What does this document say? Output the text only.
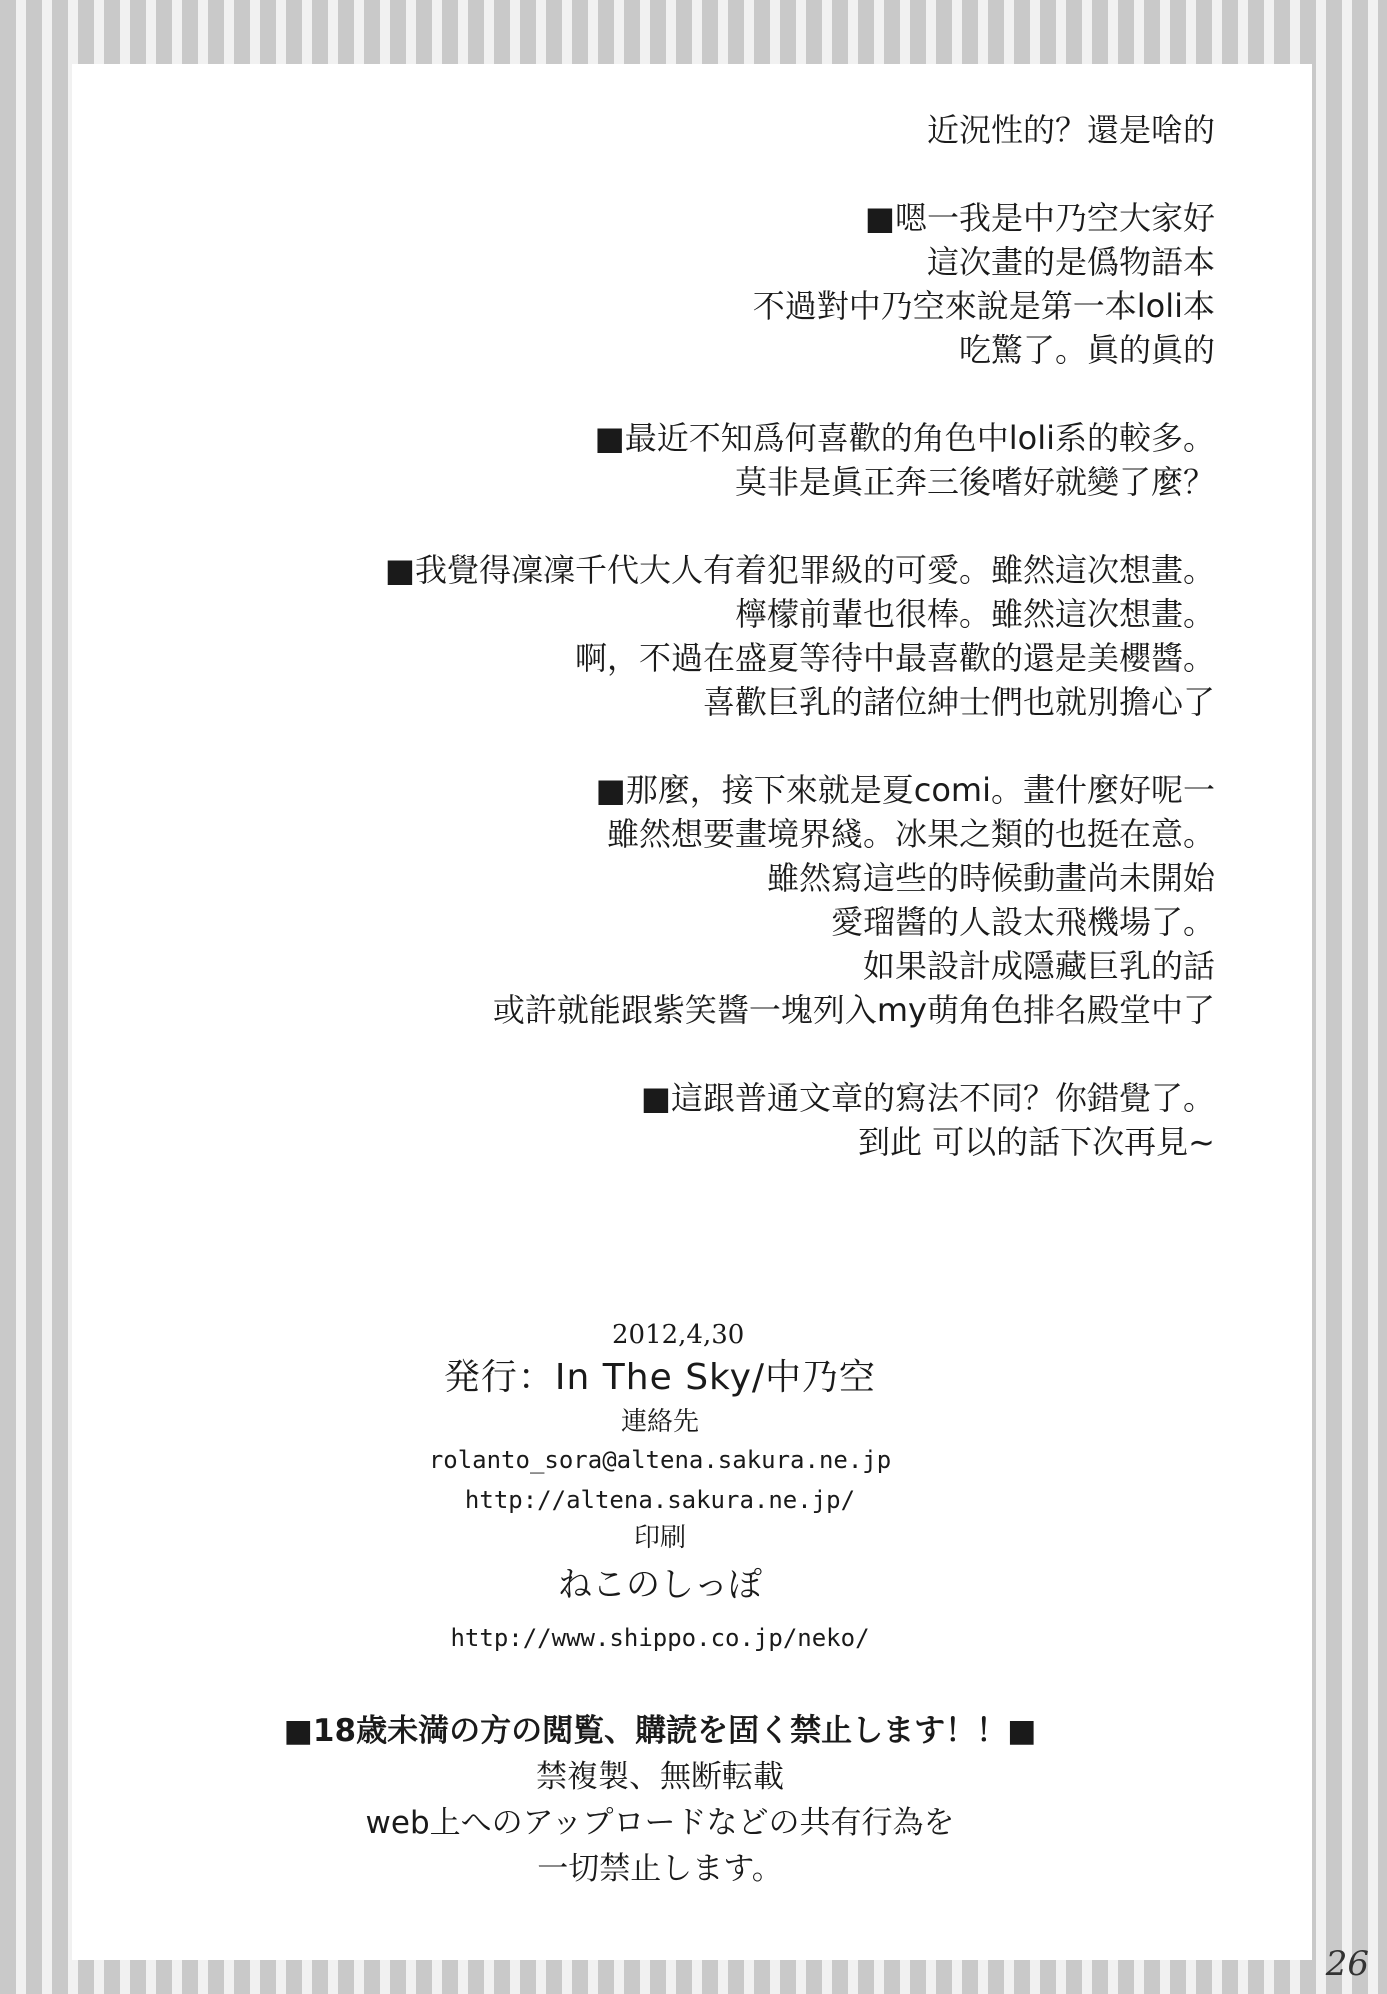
近況性的？還是啥的
■嗯一我是中乃空大家好
這次畫的是僞物語本
不過對中乃空來說是第一本loli本
吃驚了。眞的眞的
■最近不知爲何喜歡的角色中loli系的較多。
莫非是眞正奔三後嗜好就變了麼？
■我覺得凜凜千代大人有着犯罪級的可愛。雖然這次想畫。
檸檬前輩也很棒。雖然這次想畫。
啊，不過在盛夏等待中最喜歡的還是美櫻醬。
喜歡巨乳的諸位紳士們也就別擔心了
■那麼，接下來就是夏comi。畫什麼好呢一
雖然想要畫境界綫。冰果之類的也挺在意。
雖然寫這些的時候動畫尚未開始
愛瑠醬的人設太飛機場了。
如果設計成隱藏巨乳的話
或許就能跟紫笑醬一塊列入my萌角色排名殿堂中了
■這跟普通文章的寫法不同？你錯覺了。
到此 可以的話下次再見~
2012,4,30
発行：In The Sky/中乃空
連絡先
rolanto_sora@altena.sakura.ne.jp
http://altena.sakura.ne.jp/
印刷
ねこのしっぽ
http://www.shippo.co.jp/neko/
■18歳未満の方の閲覧、購読を固く禁止します！！■
禁複製、無断転載
web上へのアップロードなどの共有行為を
一切禁止します。
26
